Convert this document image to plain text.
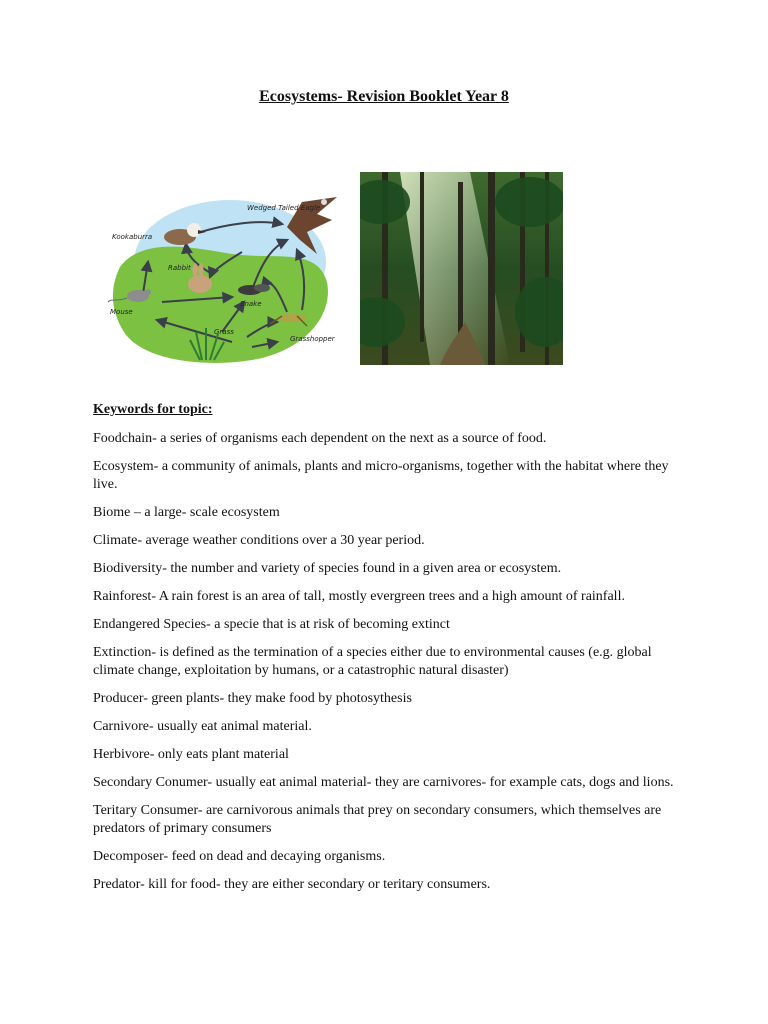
Ecosystems- Revision Booklet Year 8
Wedged Tailed Eagle
Kookaburra
Rabbit
Mouse
Snake
Grass
Grasshopper
Keywords for topic:

Foodchain- a series of organisms each dependent on the next as a source of food.

Ecosystem- a community of animals, plants and micro-organisms, together with the habitat where they live.

Biome – a large- scale ecosystem

Climate- average weather conditions over a 30 year period.

Biodiversity- the number and variety of species found in a given area or ecosystem.

Rainforest- A rain forest is an area of tall, mostly evergreen trees and a high amount of rainfall.

Endangered Species- a specie that is at risk of becoming extinct

Extinction- is defined as the termination of a species either due to environmental causes (e.g. global climate change, exploitation by humans, or a catastrophic natural disaster)

Producer- green plants- they make food by photosythesis

Carnivore- usually eat animal material.

Herbivore- only eats plant material

Secondary Conumer- usually eat animal material- they are carnivores- for example cats, dogs and lions.

Teritary Consumer- are carnivorous animals that prey on secondary consumers, which themselves are predators of primary consumers

Decomposer- feed on dead and decaying organisms.

Predator- kill for food- they are either secondary or teritary consumers.
